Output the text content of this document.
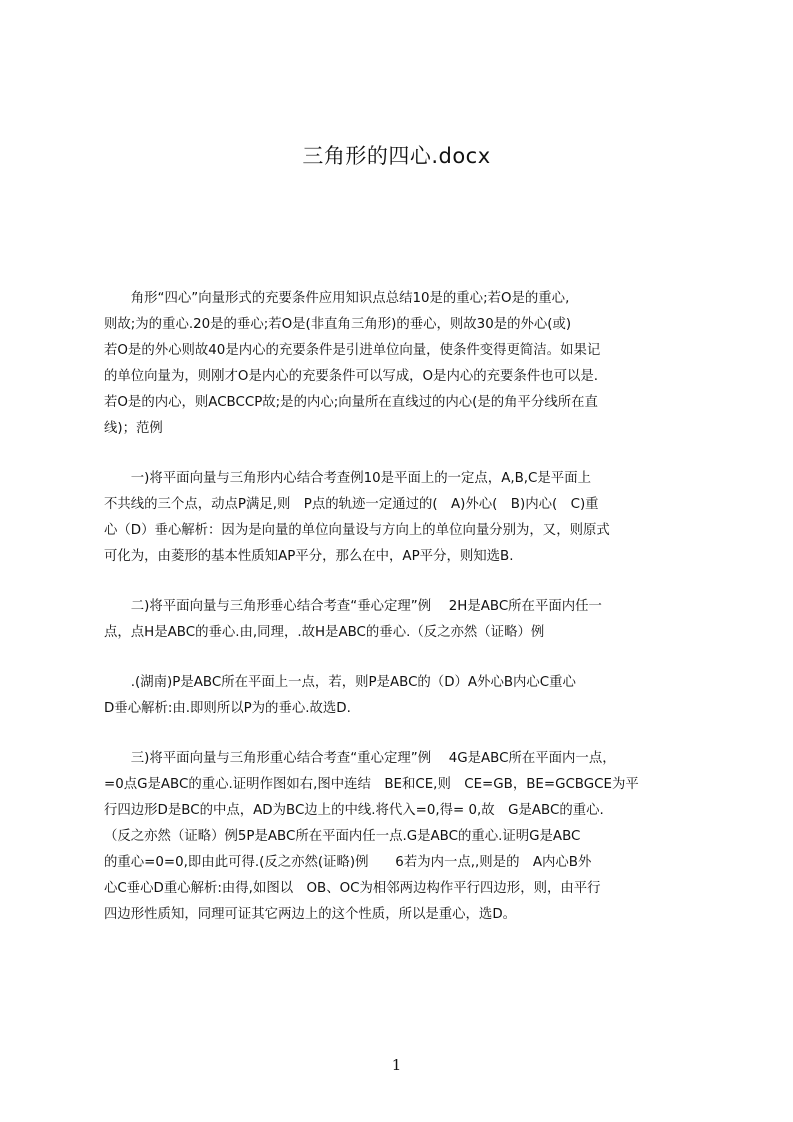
三角形的四心.docx
　　角形“四心”向量形式的充要条件应用知识点总结10是的重心;若O是的重心,
则故;为的重心.20是的垂心;若O是(非直角三角形)的垂心，则故30是的外心(或)
若O是的外心则故40是内心的充要条件是引进单位向量，使条件变得更简洁。如果记
的单位向量为，则刚才O是内心的充要条件可以写成，O是内心的充要条件也可以是.
若O是的内心，则ACBCCP故;是的内心;向量所在直线过的内心(是的角平分线所在直
线)；范例
　　一)将平面向量与三角形内心结合考查例10是平面上的一定点，A,B,C是平面上
不共线的三个点，动点P满足,则　P点的轨迹一定通过的(　A)外心(　B)内心(　C)重
心（D）垂心解析：因为是向量的单位向量设与方向上的单位向量分别为，又，则原式
可化为，由菱形的基本性质知AP平分，那么在中，AP平分，则知选B.
　　二)将平面向量与三角形垂心结合考查“垂心定理”例　 2H是ABC所在平面内任一
点，点H是ABC的垂心.由,同理，.故H是ABC的垂心.（反之亦然（证略）例
　　.(湖南)P是ABC所在平面上一点，若，则P是ABC的（D）A外心B内心C重心
D垂心解析:由.即则所以P为的垂心.故选D.
　　三)将平面向量与三角形重心结合考查“重心定理”例　 4G是ABC所在平面内一点，
=0点G是ABC的重心.证明作图如右,图中连结　BE和CE,则　CE=GB，BE=GCBGCE为平
行四边形D是BC的中点，AD为BC边上的中线.将代入=0,得= 0,故　G是ABC的重心.
（反之亦然（证略）例5P是ABC所在平面内任一点.G是ABC的重心.证明G是ABC
的重心=0=0,即由此可得.(反之亦然(证略)例　　6若为内一点,,则是的　A内心B外
心C垂心D重心解析:由得,如图以　OB、OC为相邻两边构作平行四边形，则，由平行
四边形性质知，同理可证其它两边上的这个性质，所以是重心，选D。
1
